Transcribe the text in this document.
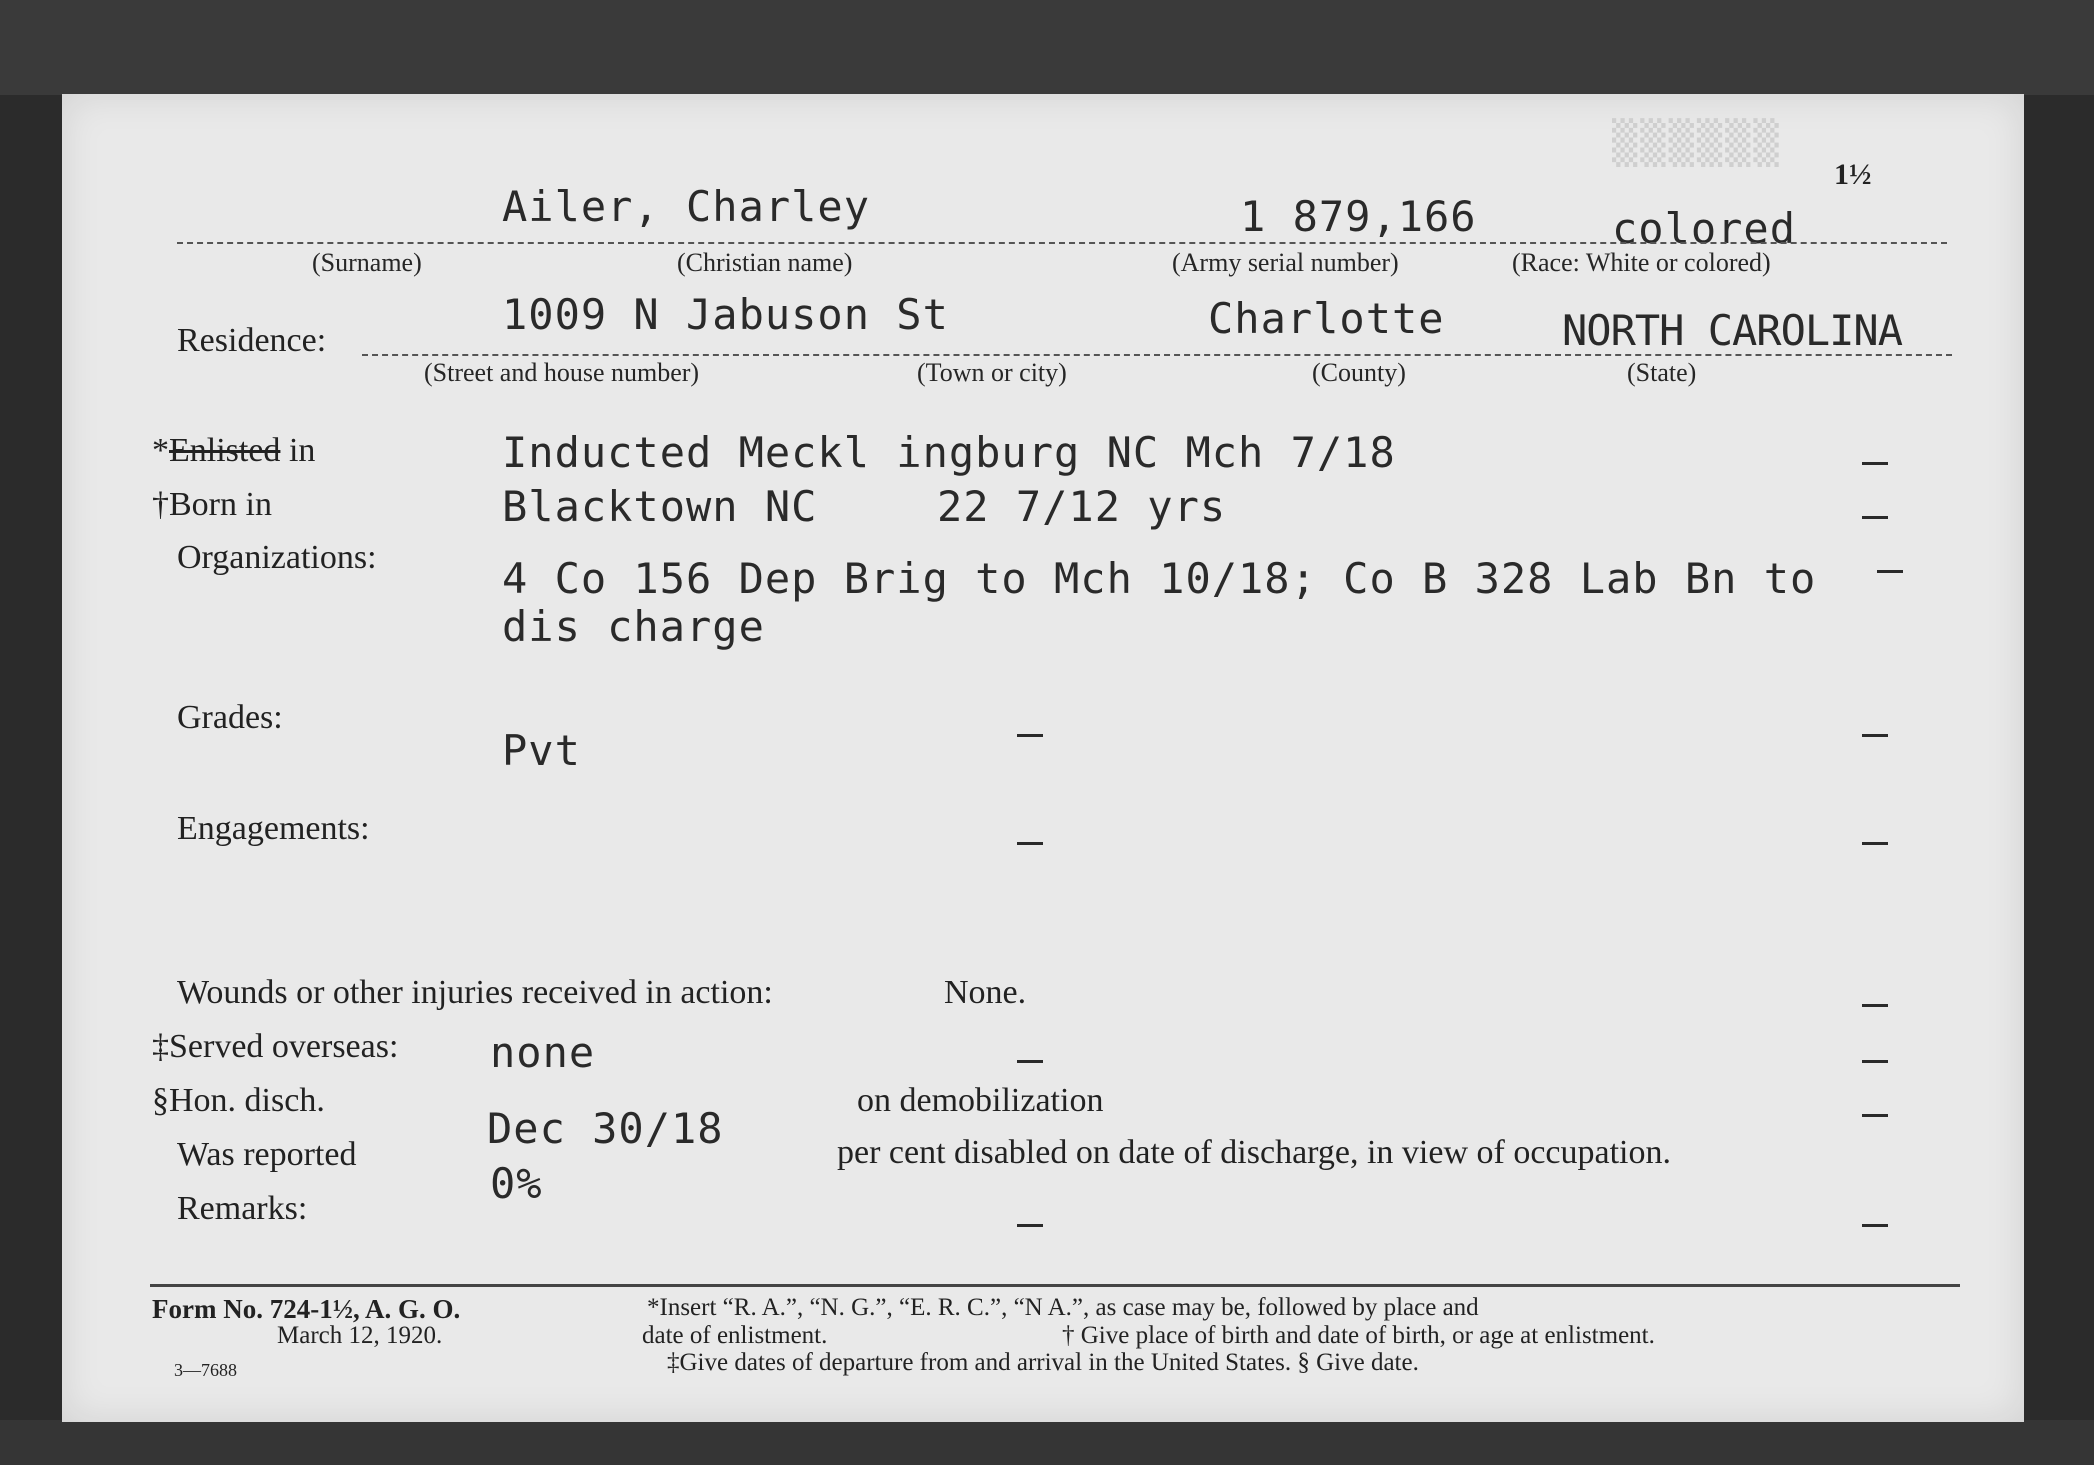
▒▒▒▒▒▒
1½
Ailer, Charley	1 879,166	colored
(Surname)	(Christian name)	(Army serial number)	(Race: White or colored)
Residence:
1009 N Jabuson St	Charlotte	NORTH CAROLINA
(Street and house number)	(Town or city)	(County)	(State)
*Enlisted in	Inducted Meckl ingburg NC Mch 7/18
†Born in	Blacktown NC	22 7/12 yrs
Organizations:	4 Co 156 Dep Brig to Mch 10/18; Co B 328 Lab Bn to
dis charge
Grades:
Pvt
Engagements:
Wounds or other injuries received in action:	None.
‡Served overseas: none
§Hon. disch.
Dec 30/18
on demobilization
Was reported
0%
per cent disabled on date of discharge, in view of occupation.
Remarks:
Form No. 724-1½, A. G. O.
March 12, 1920.
3—7688
*Insert “R. A.”, “N. G.”, “E. R. C.”, “N A.”, as case may be, followed by place and
date of enlistment.	† Give place of birth and date of birth, or age at enlistment.
‡Give dates of departure from and arrival in the United States. § Give date.
